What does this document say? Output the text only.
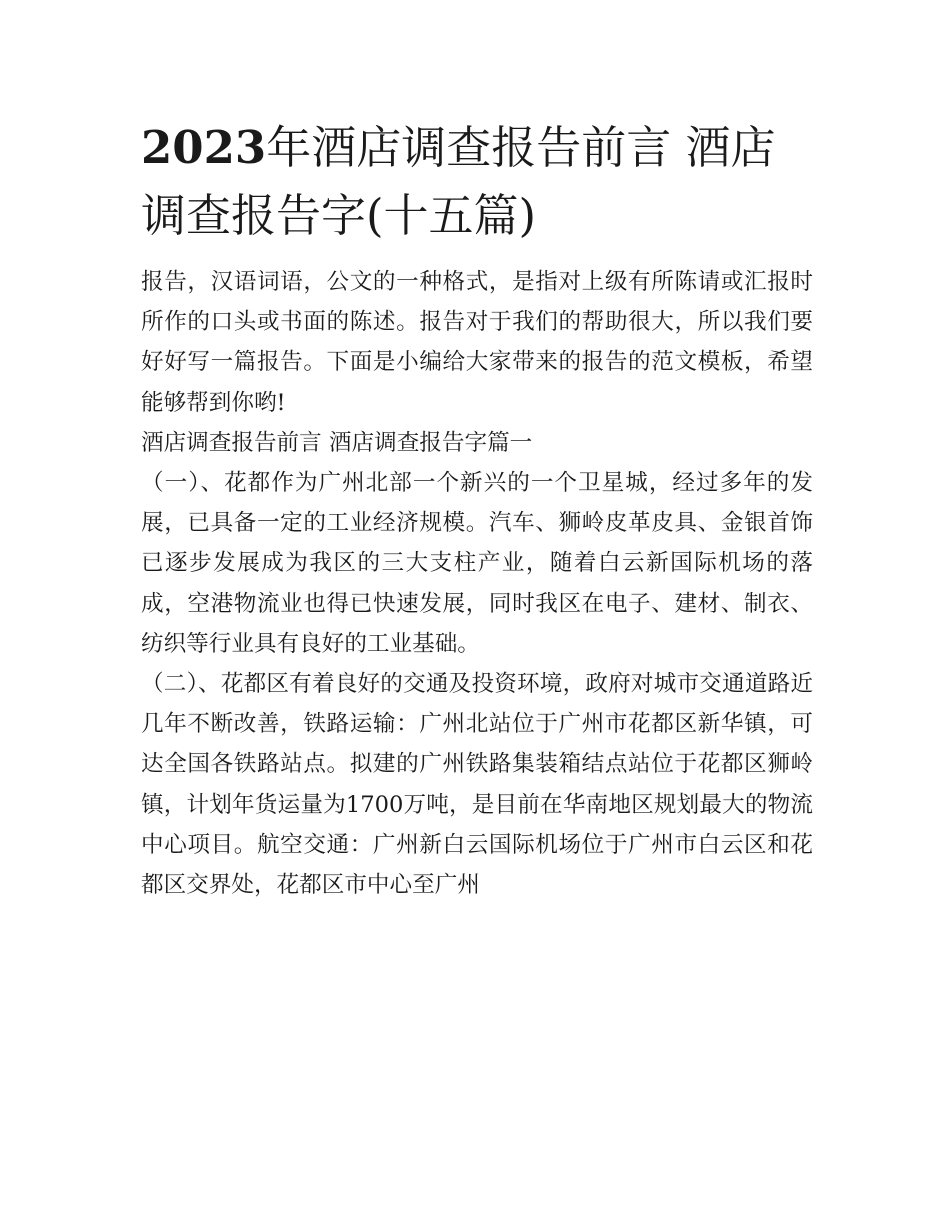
2023年酒店调查报告前言 酒店调查报告字(十五篇)

报告，汉语词语，公文的一种格式，是指对上级有所陈请或汇报时所作的口头或书面的陈述。报告对于我们的帮助很大，所以我们要好好写一篇报告。下面是小编给大家带来的报告的范文模板，希望能够帮到你哟!

酒店调查报告前言 酒店调查报告字篇一

（一）、花都作为广州北部一个新兴的一个卫星城，经过多年的发展，已具备一定的工业经济规模。汽车、狮岭皮革皮具、金银首饰已逐步发展成为我区的三大支柱产业，随着白云新国际机场的落成，空港物流业也得已快速发展，同时我区在电子、建材、制衣、纺织等行业具有良好的工业基础。

（二）、花都区有着良好的交通及投资环境，政府对城市交通道路近几年不断改善，铁路运输：广州北站位于广州市花都区新华镇，可达全国各铁路站点。拟建的广州铁路集装箱结点站位于花都区狮岭镇，计划年货运量为1700万吨，是目前在华南地区规划最大的物流中心项目。航空交通：广州新白云国际机场位于广州市白云区和花都区交界处，花都区市中心至广州
